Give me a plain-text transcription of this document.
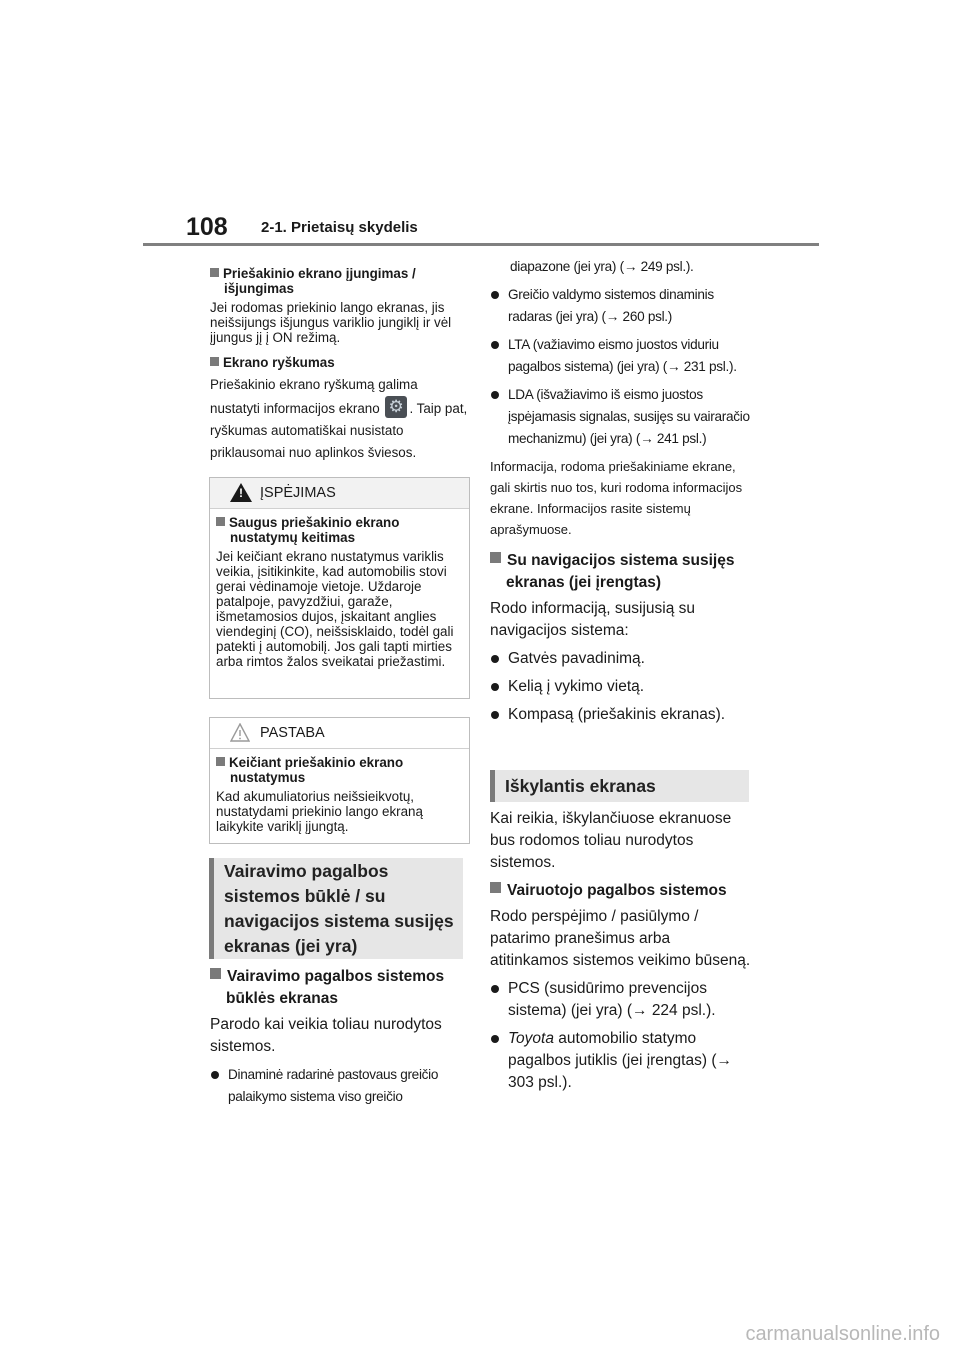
108 2-1. Prietaisų skydelis

Priešakinio ekrano įjungimas / išjungimas

Jei rodomas priekinio lango ekranas, jis neišsijungs išjungus variklio jungiklį ir vėl įjungus jį į ON režimą.

Ekrano ryškumas

Priešakinio ekrano ryškumą galima nustatyti informacijos ekrano ⚙ . Taip pat, ryškumas automatiškai nusistato priklausomai nuo aplinkos šviesos.

!
ĮSPĖJIMAS

Saugus priešakinio ekrano nustatymų keitimas

Jei keičiant ekrano nustatymus variklis veikia, įsitikinkite, kad automobilis stovi gerai vėdinamoje vietoje. Uždaroje patalpoje, pavyzdžiui, garaže, išmetamosios dujos, įskaitant anglies viendeginį (CO), neišsisklaido, todėl gali patekti į automobilį. Jos gali tapti mirties arba rimtos žalos sveikatai priežastimi.

PASTABA

Keičiant priešakinio ekrano nustatymus

Kad akumuliatorius neišsieikvotų, nustatydami priekinio lango ekraną laikykite variklį įjungtą.

Vairavimo pagalbos sistemos būklė / su navigacijos sistema susijęs ekranas (jei yra)

Vairavimo pagalbos sistemos būklės ekranas

Parodo kai veikia toliau nurodytos sistemos.

Dinaminė radarinė pastovaus greičio palaikymo sistema viso greičio

diapazone (jei yra) (→ 249 psl.).

Greičio valdymo sistemos dinaminis radaras (jei yra) (→ 260 psl.)

LTA (važiavimo eismo juostos viduriu pagalbos sistema) (jei yra) (→ 231 psl.).

LDA (išvažiavimo iš eismo juostos įspėjamasis signalas, susijęs su vairaračio mechanizmu) (jei yra) (→ 241 psl.)

Informacija, rodoma priešakiniame ekrane, gali skirtis nuo tos, kuri rodoma informacijos ekrane. Informacijos rasite sistemų aprašymuose.

Su navigacijos sistema susijęs ekranas (jei įrengtas)

Rodo informaciją, susijusią su navigacijos sistema:

Gatvės pavadinimą.

Kelią į vykimo vietą.

Kompasą (priešakinis ekranas).

Iškylantis ekranas

Kai reikia, iškylančiuose ekranuose bus rodomos toliau nurodytos sistemos.

Vairuotojo pagalbos sistemos

Rodo perspėjimo / pasiūlymo / patarimo pranešimus arba atitinkamos sistemos veikimo būseną.

PCS (susidūrimo prevencijos sistema) (jei yra) (→ 224 psl.).

Toyota automobilio statymo pagalbos jutiklis (jei įrengtas) (→ 303 psl.).

carmanualsonline.info
